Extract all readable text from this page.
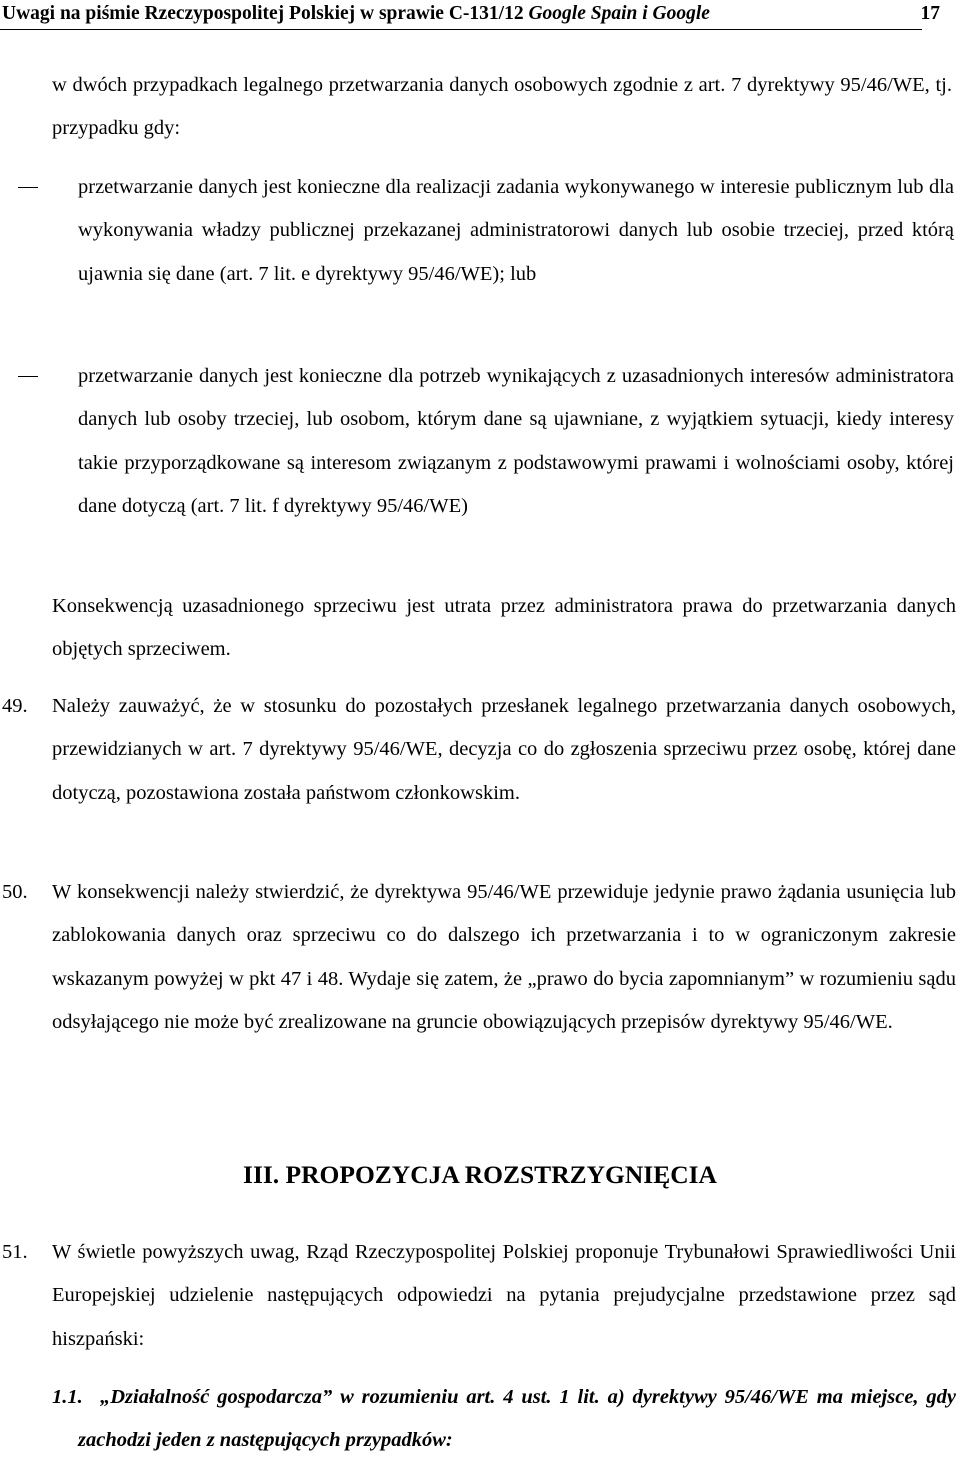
Uwagi na piśmie Rzeczypospolitej Polskiej w sprawie C-131/12 Google Spain i Google	17
w dwóch przypadkach legalnego przetwarzania danych osobowych zgodnie z art. 7 dyrektywy 95/46/WE, tj. przypadku gdy:
przetwarzanie danych jest konieczne dla realizacji zadania wykonywanego w interesie publicznym lub dla wykonywania władzy publicznej przekazanej administratorowi danych lub osobie trzeciej, przed którą ujawnia się dane (art. 7 lit. e dyrektywy 95/46/WE); lub
przetwarzanie danych jest konieczne dla potrzeb wynikających z uzasadnionych interesów administratora danych lub osoby trzeciej, lub osobom, którym dane są ujawniane, z wyjątkiem sytuacji, kiedy interesy takie przyporządkowane są interesom związanym z podstawowymi prawami i wolnościami osoby, której dane dotyczą (art. 7 lit. f dyrektywy 95/46/WE)
Konsekwencją uzasadnionego sprzeciwu jest utrata przez administratora prawa do przetwarzania danych objętych sprzeciwem.
49. Należy zauważyć, że w stosunku do pozostałych przesłanek legalnego przetwarzania danych osobowych, przewidzianych w art. 7 dyrektywy 95/46/WE, decyzja co do zgłoszenia sprzeciwu przez osobę, której dane dotyczą, pozostawiona została państwom członkowskim.
50. W konsekwencji należy stwierdzić, że dyrektywa 95/46/WE przewiduje jedynie prawo żądania usunięcia lub zablokowania danych oraz sprzeciwu co do dalszego ich przetwarzania i to w ograniczonym zakresie wskazanym powyżej w pkt 47 i 48. Wydaje się zatem, że „prawo do bycia zapomnianym” w rozumieniu sądu odsyłającego nie może być zrealizowane na gruncie obowiązujących przepisów dyrektywy 95/46/WE.
III. PROPOZYCJA ROZSTRZYGNIĘCIA
51. W świetle powyższych uwag, Rząd Rzeczypospolitej Polskiej proponuje Trybunałowi Sprawiedliwości Unii Europejskiej udzielenie następujących odpowiedzi na pytania prejudycjalne przedstawione przez sąd hiszpański:
1.1. „Działalność gospodarcza” w rozumieniu art. 4 ust. 1 lit. a) dyrektywy 95/46/WE ma miejsce, gdy zachodzi jeden z następujących przypadków:
